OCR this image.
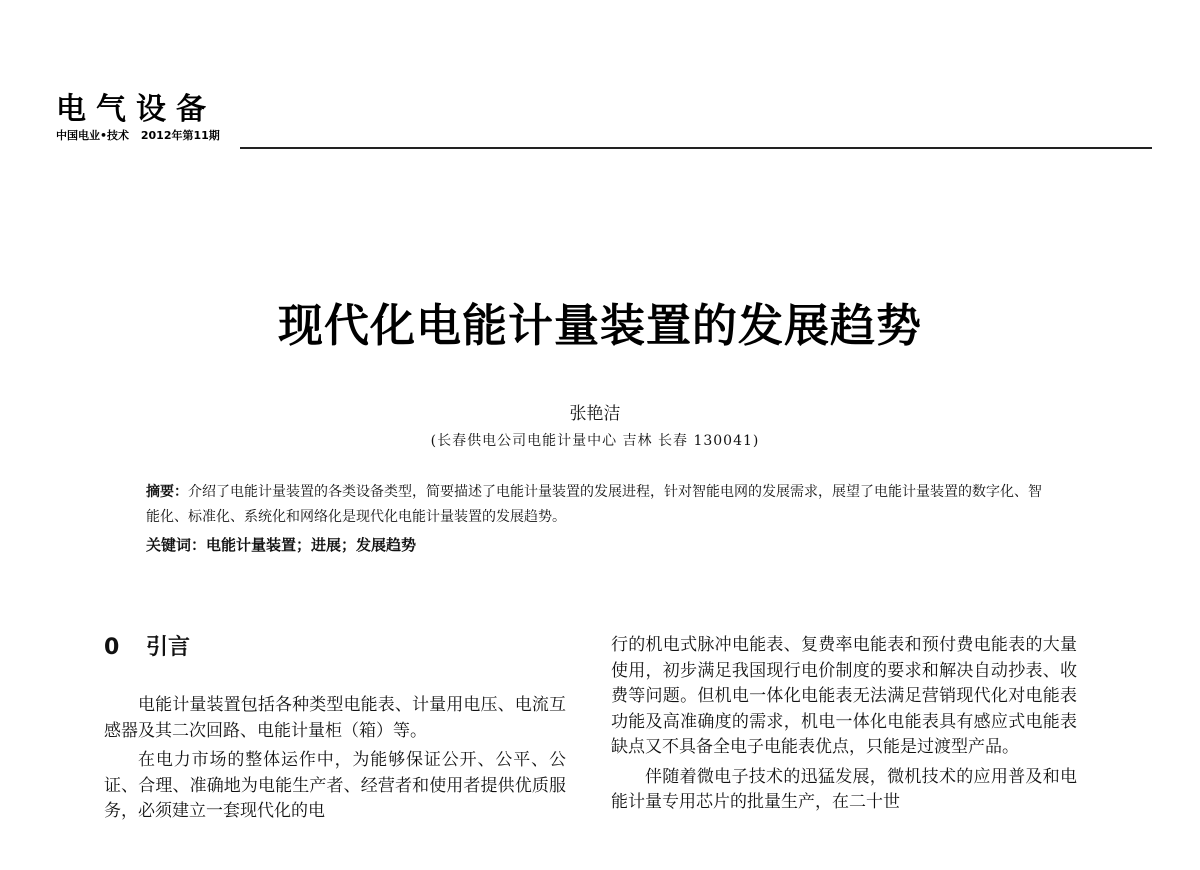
电气设备
中国电业•技术 2012年第11期
现代化电能计量装置的发展趋势

张艳洁

(长春供电公司电能计量中心 吉林 长春 130041)

摘要：介绍了电能计量装置的各类设备类型，简要描述了电能计量装置的发展进程，针对智能电网的发展需求，展望了电能计量装置的数字化、智能化、标准化、系统化和网络化是现代化电能计量装置的发展趋势。

关键词：电能计量装置；进展；发展趋势

0 引言

电能计量装置包括各种类型电能表、计量用电压、电流互感器及其二次回路、电能计量柜（箱）等。

在电力市场的整体运作中，为能够保证公开、公平、公证、合理、准确地为电能生产者、经营者和使用者提供优质服务，必须建立一套现代化的电

行的机电式脉冲电能表、复费率电能表和预付费电能表的大量使用，初步满足我国现行电价制度的要求和解决自动抄表、收费等问题。但机电一体化电能表无法满足营销现代化对电能表功能及高准确度的需求，机电一体化电能表具有感应式电能表缺点又不具备全电子电能表优点，只能是过渡型产品。

伴随着微电子技术的迅猛发展，微机技术的应用普及和电能计量专用芯片的批量生产，在二十世
